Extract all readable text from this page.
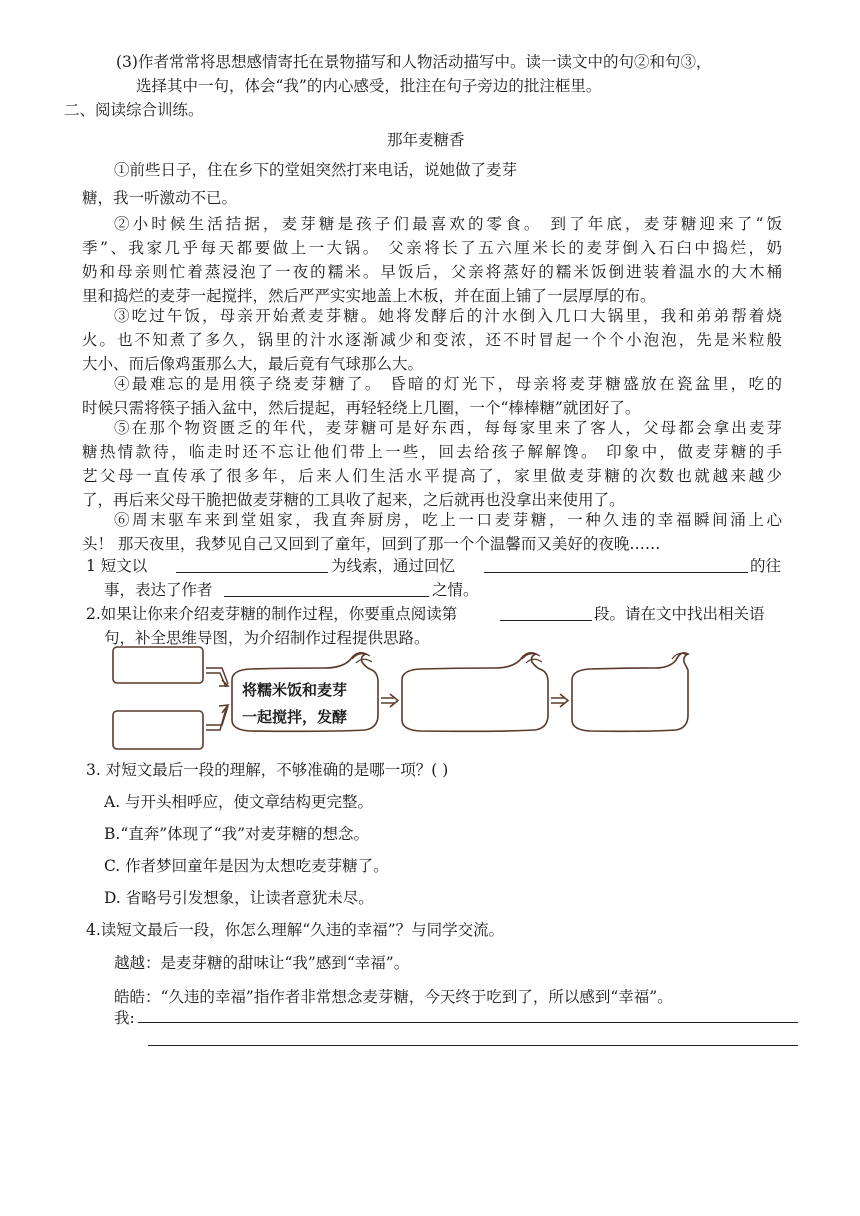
(3)作者常常将思想感情寄托在景物描写和人物活动描写中。读一读文中的句②和句③，
选择其中一句，体会“我”的内心感受，批注在句子旁边的批注框里。
二、阅读综合训练。
那年麦糖香
①前些日子，住在乡下的堂姐突然打来电话，说她做了麦芽
糖，我一听激动不已。
②小时候生活拮据，麦芽糖是孩子们最喜欢的零食。 到了年底，麦芽糖迎来了“饭
季”、我家几乎每天都要做上一大锅。 父亲将长了五六厘米长的麦芽倒入石臼中捣烂，奶
奶和母亲则忙着蒸浸泡了一夜的糯米。早饭后，父亲将蒸好的糯米饭倒进装着温水的大木桶
里和捣烂的麦芽一起搅拌，然后严严实实地盖上木板，并在面上铺了一层厚厚的布。
③吃过午饭，母亲开始煮麦芽糖。她将发酵后的汁水倒入几口大锅里，我和弟弟帮着烧
火。也不知煮了多久，锅里的汁水逐渐减少和变浓，还不时冒起一个个小泡泡，先是米粒般
大小、而后像鸡蛋那么大，最后竟有气球那么大。
④最难忘的是用筷子绕麦芽糖了。 昏暗的灯光下，母亲将麦芽糖盛放在瓷盆里，吃的
时候只需将筷子插入盆中，然后提起，再轻轻绕上几圈，一个“棒棒糖”就团好了。
⑤在那个物资匮乏的年代，麦芽糖可是好东西，每每家里来了客人，父母都会拿出麦芽
糖热情款待，临走时还不忘让他们带上一些，回去给孩子解解馋。 印象中，做麦芽糖的手
艺父母一直传承了很多年，后来人们生活水平提高了，家里做麦芽糖的次数也就越来越少
了，再后来父母干脆把做麦芽糖的工具收了起来，之后就再也没拿出来使用了。
⑥周末驱车来到堂姐家，我直奔厨房，吃上一口麦芽糖，一种久违的幸福瞬间涌上心
头！ 那天夜里，我梦见自己又回到了童年，回到了那一个个温馨而又美好的夜晚……
1 短文以	为线索，通过回忆	的往
事，表达了作者	之情。
2.如果让你来介绍麦芽糖的制作过程，你要重点阅读第	段。请在文中找出相关语
句，补全思维导图，为介绍制作过程提供思路。
将糯米饭和麦芽
一起搅拌，发酵
3. 对短文最后一段的理解，不够准确的是哪一项？( )
A. 与开头相呼应，使文章结构更完整。
B.“直奔”体现了“我”对麦芽糖的想念。
C. 作者梦回童年是因为太想吃麦芽糖了。
D. 省略号引发想象，让读者意犹未尽。
4.读短文最后一段，你怎么理解“久违的幸福”？与同学交流。
越越：是麦芽糖的甜味让“我”感到“幸福”。
皓皓：“久违的幸福”指作者非常想念麦芽糖，今天终于吃到了，所以感到“幸福”。
我:
